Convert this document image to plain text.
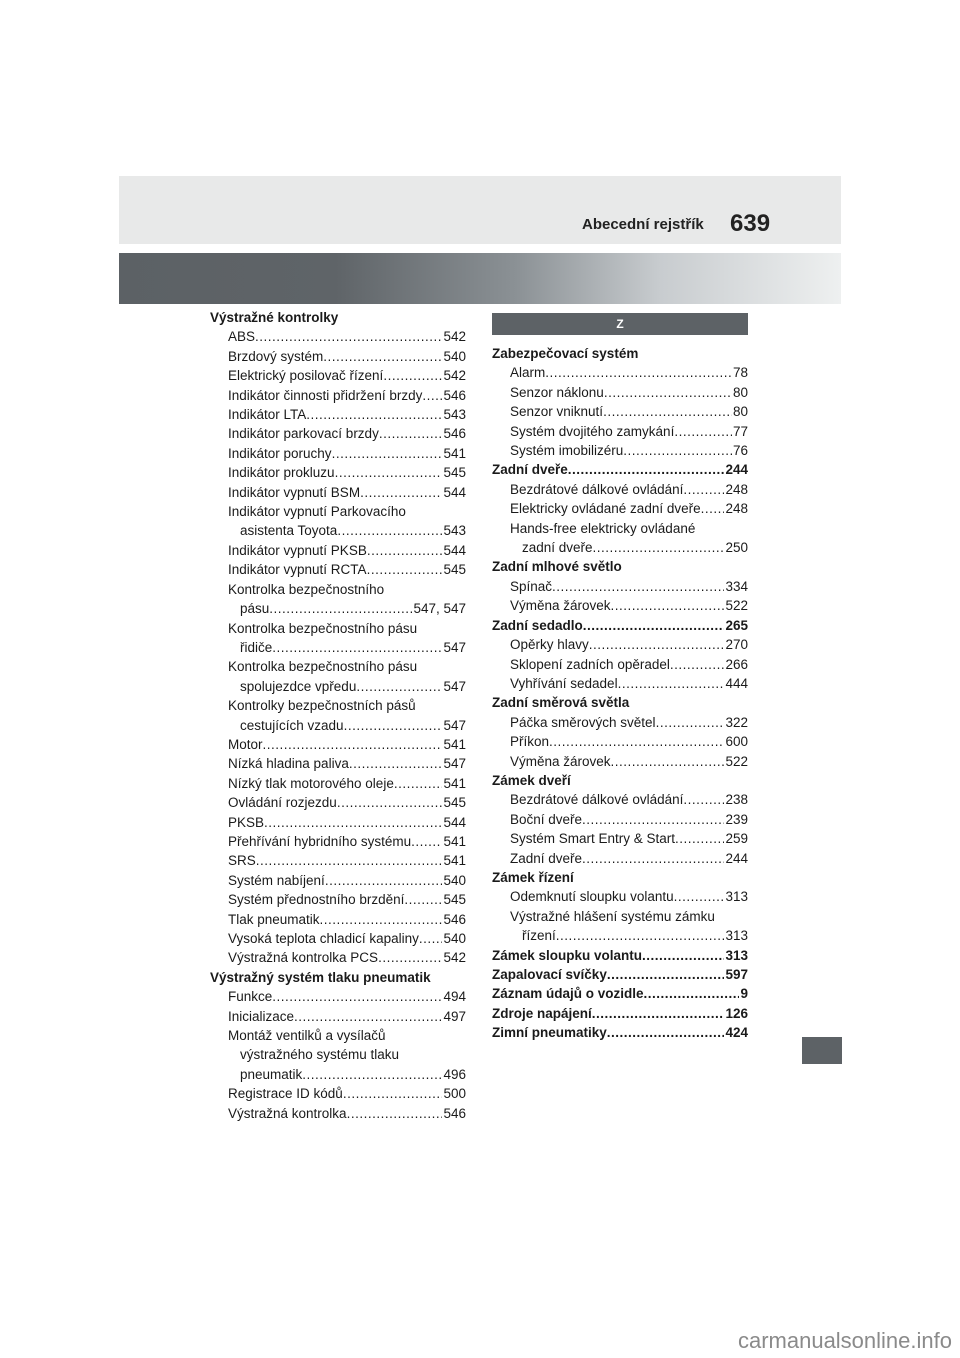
Abecední rejstřík 639
Výstražné kontrolky
ABS .....	542
Brzdový systém .....	540
Elektrický posilovač řízení .....	542
Indikátor činnosti přidržení brzdy ..... 546
Indikátor LTA .....	543
Indikátor parkovací brzdy .....	546
Indikátor poruchy .....	541
Indikátor prokluzu .....	545
Indikátor vypnutí BSM .....	544
Indikátor vypnutí Parkovacího
asistenta Toyota .....	543
Indikátor vypnutí PKSB .....	544
Indikátor vypnutí RCTA .....	545
Kontrolka bezpečnostního
pásu .....	547, 547
Kontrolka bezpečnostního pásu
řidiče .....	547
Kontrolka bezpečnostního pásu
spolujezdce vpředu .....	547
Kontrolky bezpečnostních pásů
cestujících vzadu .....	547
Motor .....	541
Nízká hladina paliva .....	547
Nízký tlak motorového oleje .....	541
Ovládání rozjezdu .....	545
PKSB .....	544
Přehřívání hybridního systému ..... 541
SRS .....	541
Systém nabíjení .....	540
Systém přednostního brzdění .....	545
Tlak pneumatik .....	546
Vysoká teplota chladicí kapaliny ..... 540
Výstražná kontrolka PCS .....	542
Výstražný systém tlaku pneumatik
Funkce .....	494
Inicializace .....	497
Montáž ventilků a vysílačů
výstražného systému tlaku
pneumatik .....	496
Registrace ID kódů .....	500
Výstražná kontrolka .....	546
Z
Zabezpečovací systém
Alarm .....	78
Senzor náklonu .....	80
Senzor vniknutí .....	80
Systém dvojitého zamykání .....	77
Systém imobilizéru .....	76
Zadní dveře .....	244
Bezdrátové dálkové ovládání .....	248
Elektricky ovládané zadní dveře ..... 248
Hands-free elektricky ovládané
zadní dveře .....	250
Zadní mlhové světlo
Spínač .....	334
Výměna žárovek .....	522
Zadní sedadlo .....	265
Opěrky hlavy .....	270
Sklopení zadních opěradel .....	266
Vyhřívání sedadel .....	444
Zadní směrová světla
Páčka směrových světel .....	322
Příkon .....	600
Výměna žárovek .....	522
Zámek dveří
Bezdrátové dálkové ovládání .....	238
Boční dveře .....	239
Systém Smart Entry & Start .....	259
Zadní dveře .....	244
Zámek řízení
Odemknutí sloupku volantu .....	313
Výstražné hlášení systému zámku
řízení .....	313
Zámek sloupku volantu .....	313
Zapalovací svíčky .....	597
Záznam údajů o vozidle .....	9
Zdroje napájení .....	126
Zimní pneumatiky .....	424
carmanualsonline.info
